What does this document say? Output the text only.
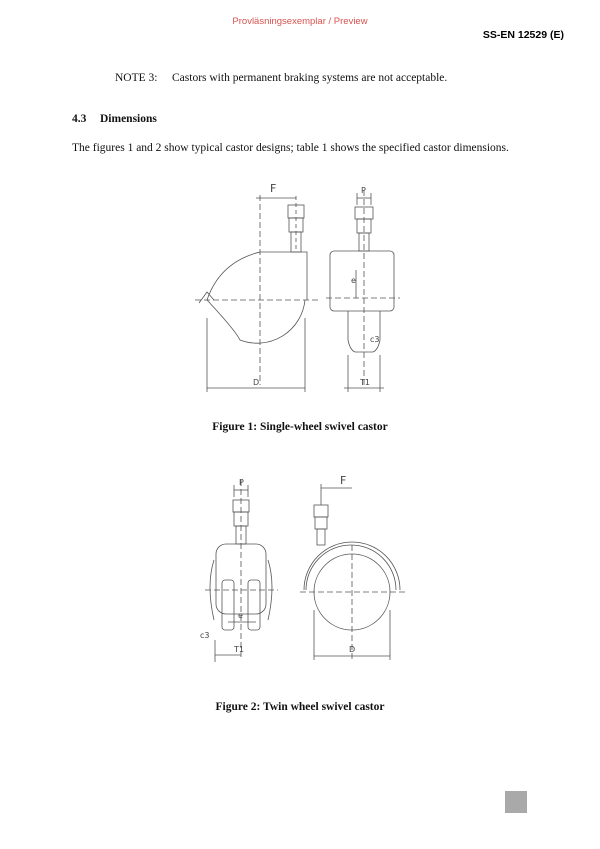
Provläsningsexemplar / Preview
SS-EN 12529 (E)
NOTE 3: Castors with permanent braking systems are not acceptable.
4.3 Dimensions
The figures 1 and 2 show typical castor designs; table 1 shows the specified castor dimensions.
F	P
D	T1
e
c3
Figure 1: Single-wheel swivel castor
P	F
D
T1
e
c3
Figure 2: Twin wheel swivel castor
